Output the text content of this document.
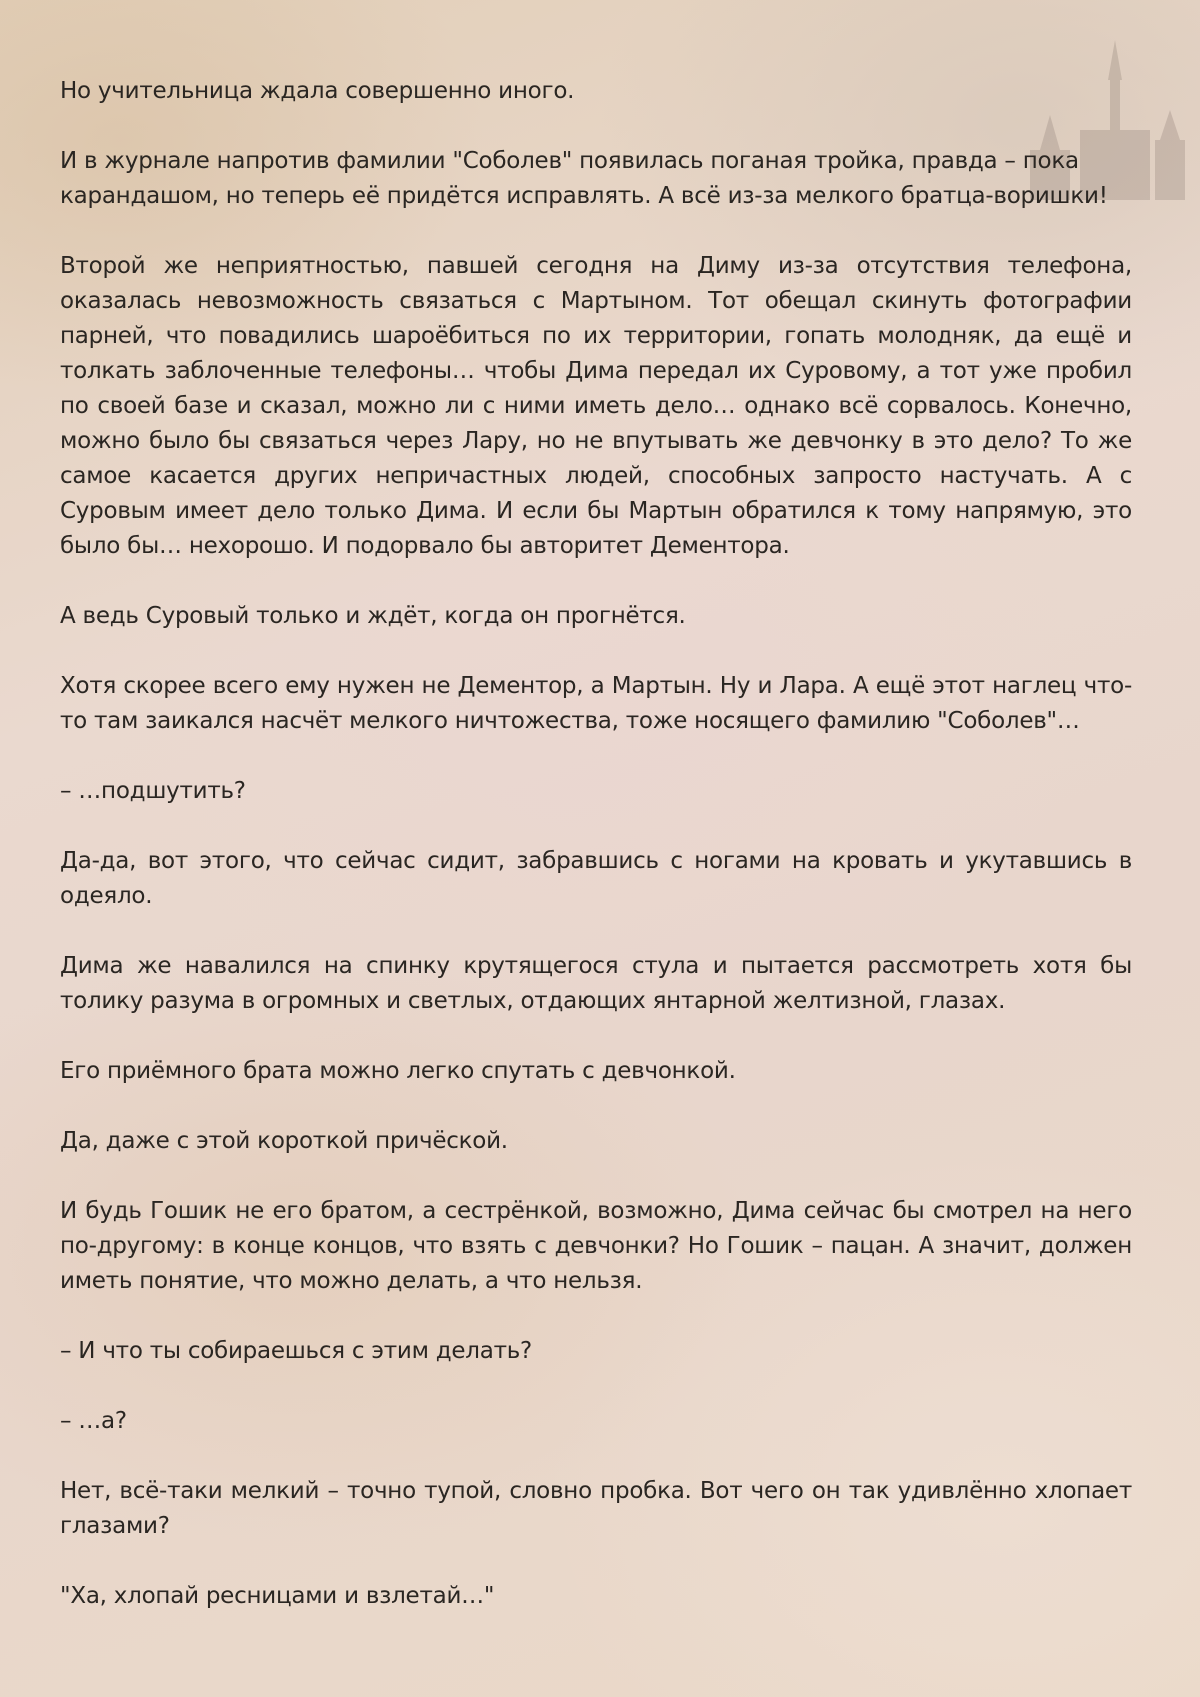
Но учительница ждала совершенно иного.

И в журнале напротив фамилии "Соболев" появилась поганая тройка, правда – пока карандашом, но теперь её придётся исправлять. А всё из-за мелкого братца-воришки!

Второй же неприятностью, павшей сегодня на Диму из-за отсутствия телефона, оказалась невозможность связаться с Мартыном. Тот обещал скинуть фотографии парней, что повадились шароёбиться по их территории, гопать молодняк, да ещё и толкать заблоченные телефоны… чтобы Дима передал их Суровому, а тот уже пробил по своей базе и сказал, можно ли с ними иметь дело… однако всё сорвалось. Конечно, можно было бы связаться через Лару, но не впутывать же девчонку в это дело? То же самое касается других непричастных людей, способных запросто настучать. А с Суровым имеет дело только Дима. И если бы Мартын обратился к тому напрямую, это было бы… нехорошо. И подорвало бы авторитет Дементора.

А ведь Суровый только и ждёт, когда он прогнётся.

Хотя скорее всего ему нужен не Дементор, а Мартын. Ну и Лара. А ещё этот наглец что-то там заикался насчёт мелкого ничтожества, тоже носящего фамилию "Соболев"…

– …подшутить?

Да-да, вот этого, что сейчас сидит, забравшись с ногами на кровать и укутавшись в одеяло.

Дима же навалился на спинку крутящегося стула и пытается рассмотреть хотя бы толику разума в огромных и светлых, отдающих янтарной желтизной, глазах.

Его приёмного брата можно легко спутать с девчонкой.

Да, даже с этой короткой причёской.

И будь Гошик не его братом, а сестрёнкой, возможно, Дима сейчас бы смотрел на него по-другому: в конце концов, что взять с девчонки? Но Гошик – пацан. А значит, должен иметь понятие, что можно делать, а что нельзя.

– И что ты собираешься с этим делать?

– …а?

Нет, всё-таки мелкий – точно тупой, словно пробка. Вот чего он так удивлённо хлопает глазами?

"Ха, хлопай ресницами и взлетай…"
